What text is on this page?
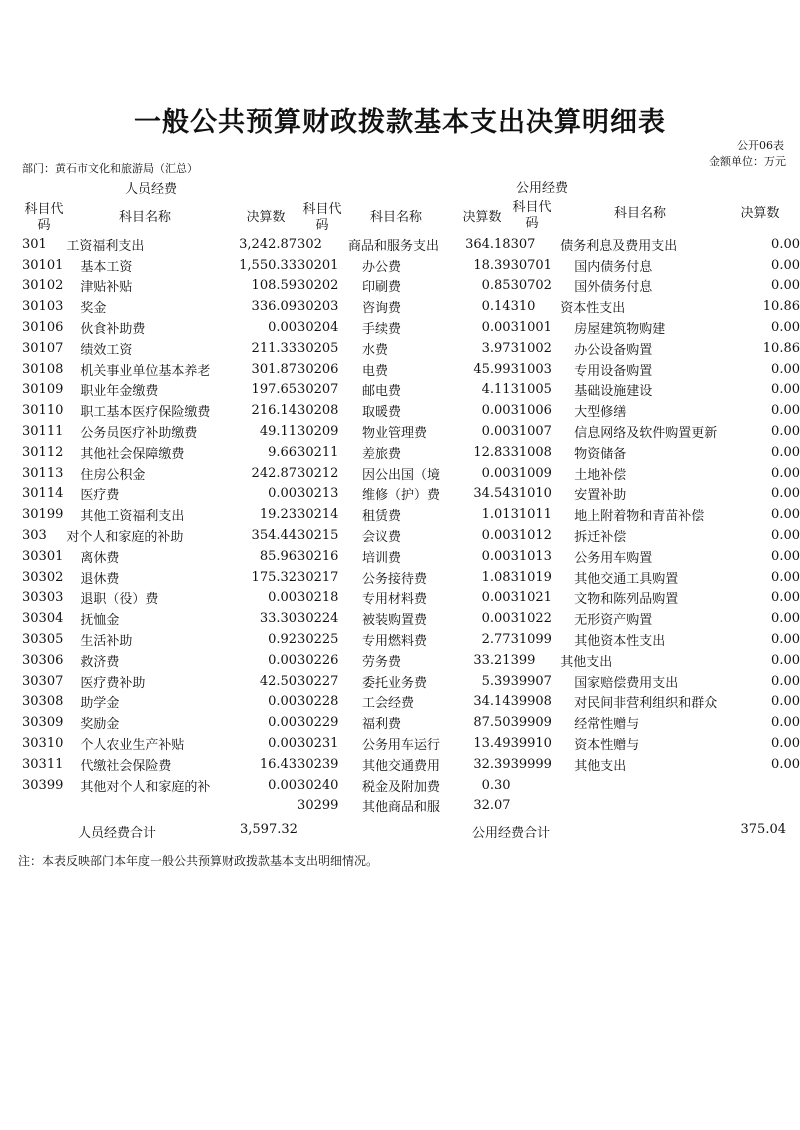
一般公共预算财政拨款基本支出决算明细表
公开06表
金额单位：万元
部门：黄石市文化和旅游局（汇总）
人员经费	公用经费
科目代码
科目名称	决算数
科目代码
科目名称	决算数
科目代码
科目名称	决算数
301	工资福利支出	3,242.87	302	商品和服务支出	364.18	307	债务利息及费用支出	0.00
30101	基本工资	1,550.33	30201	办公费	18.39	30701	国内债务付息	0.00
30102	津贴补贴	108.59	30202	印刷费	0.85	30702	国外债务付息	0.00
30103	奖金	336.09	30203	咨询费	0.14	310	资本性支出	10.86
30106	伙食补助费	0.00	30204	手续费	0.00	31001	房屋建筑物购建	0.00
30107	绩效工资	211.33	30205	水费	3.97	31002	办公设备购置	10.86
30108	机关事业单位基本养老	301.87	30206	电费	45.99	31003	专用设备购置	0.00
30109	职业年金缴费	197.65	30207	邮电费	4.11	31005	基础设施建设	0.00
30110	职工基本医疗保险缴费	216.14	30208	取暖费	0.00	31006	大型修缮	0.00
30111	公务员医疗补助缴费	49.11	30209	物业管理费	0.00	31007	信息网络及软件购置更新	0.00
30112	其他社会保障缴费	9.66	30211	差旅费	12.83	31008	物资储备	0.00
30113	住房公积金	242.87	30212	因公出国（境	0.00	31009	土地补偿	0.00
30114	医疗费	0.00	30213	维修（护）费	34.54	31010	安置补助	0.00
30199	其他工资福利支出	19.23	30214	租赁费	1.01	31011	地上附着物和青苗补偿	0.00
303	对个人和家庭的补助	354.44	30215	会议费	0.00	31012	拆迁补偿	0.00
30301	离休费	85.96	30216	培训费	0.00	31013	公务用车购置	0.00
30302	退休费	175.32	30217	公务接待费	1.08	31019	其他交通工具购置	0.00
30303	退职（役）费	0.00	30218	专用材料费	0.00	31021	文物和陈列品购置	0.00
30304	抚恤金	33.30	30224	被装购置费	0.00	31022	无形资产购置	0.00
30305	生活补助	0.92	30225	专用燃料费	2.77	31099	其他资本性支出	0.00
30306	救济费	0.00	30226	劳务费	33.21	399	其他支出	0.00
30307	医疗费补助	42.50	30227	委托业务费	5.39	39907	国家赔偿费用支出	0.00
30308	助学金	0.00	30228	工会经费	34.14	39908	对民间非营利组织和群众	0.00
30309	奖励金	0.00	30229	福利费	87.50	39909	经常性赠与	0.00
30310	个人农业生产补贴	0.00	30231	公务用车运行	13.49	39910	资本性赠与	0.00
30311	代缴社会保险费	16.43	30239	其他交通费用	32.39	39999	其他支出	0.00
30399	其他对个人和家庭的补	0.00	30240	税金及附加费	0.30			
			30299	其他商品和服	32.07			
人员经费合计	3,597.32	公用经费合计	375.04
注：本表反映部门本年度一般公共预算财政拨款基本支出明细情况。
